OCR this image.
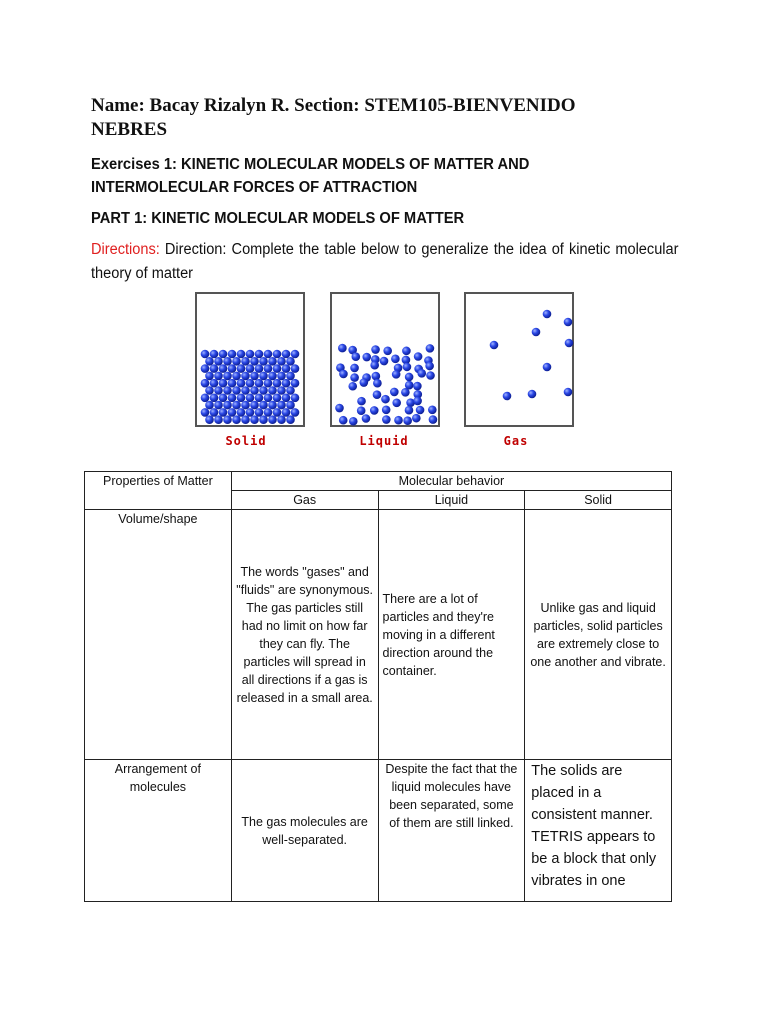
Name: Bacay Rizalyn R. Section: STEM105-BIENVENIDO NEBRES
Exercises 1: KINETIC MOLECULAR MODELS OF MATTER AND INTERMOLECULAR FORCES OF ATTRACTION
PART 1: KINETIC MOLECULAR MODELS OF MATTER
Directions: Direction: Complete the table below to generalize the idea of kinetic molecular theory of matter
Solid	Liquid	Gas
Properties of Matter	Molecular behavior		
	Gas	Liquid	Solid
Volume/shape	The words "gases" and "fluids" are synonymous. The gas particles still had no limit on how far they can fly. The particles will spread in all directions if a gas is released in a small area.	There are a lot of particles and they're moving in a different direction around the container.	Unlike gas and liquid particles, solid particles are extremely close to one another and vibrate.
Arrangement of molecules	The gas molecules are well-separated.	Despite the fact that the liquid molecules have been separated, some of them are still linked.	The solids are placed in a consistent manner. TETRIS appears to be a block that only vibrates in one
